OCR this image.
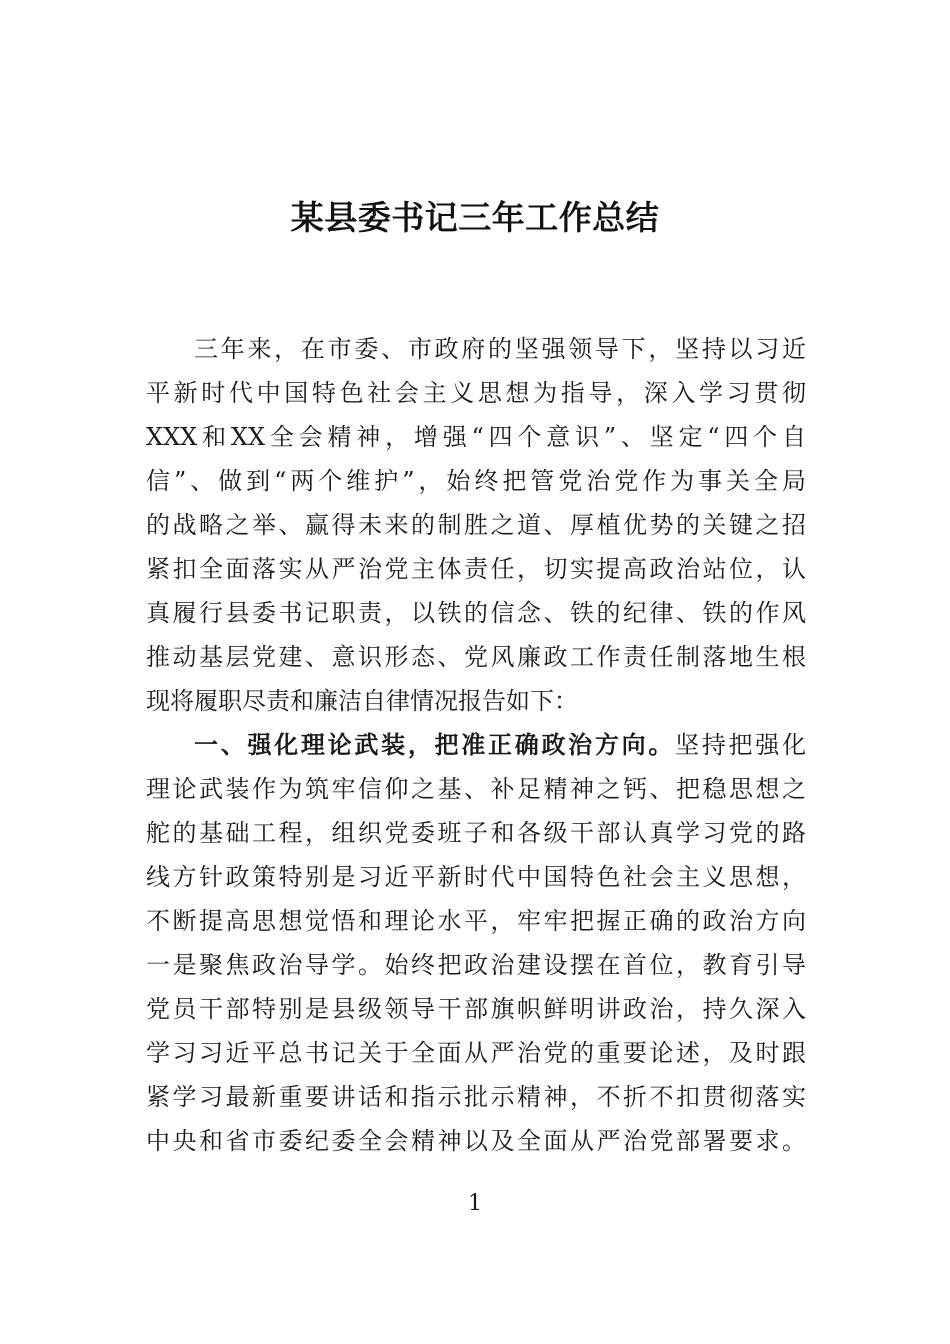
某县委书记三年工作总结
三年来，在市委、市政府的坚强领导下，坚持以习近
平新时代中国特色社会主义思想为指导，深入学习贯彻
XXX和XX全会精神，增强“四个意识”、坚定“四个自
信”、做到“两个维护”，始终把管党治党作为事关全局
的战略之举、赢得未来的制胜之道、厚植优势的关键之招
紧扣全面落实从严治党主体责任，切实提高政治站位，认
真履行县委书记职责，以铁的信念、铁的纪律、铁的作风
推动基层党建、意识形态、党风廉政工作责任制落地生根
现将履职尽责和廉洁自律情况报告如下：
一、强化理论武装，把准正确政治方向。坚持把强化
理论武装作为筑牢信仰之基、补足精神之钙、把稳思想之
舵的基础工程，组织党委班子和各级干部认真学习党的路
线方针政策特别是习近平新时代中国特色社会主义思想，
不断提高思想觉悟和理论水平，牢牢把握正确的政治方向
一是聚焦政治导学。始终把政治建设摆在首位，教育引导
党员干部特别是县级领导干部旗帜鲜明讲政治，持久深入
学习习近平总书记关于全面从严治党的重要论述，及时跟
紧学习最新重要讲话和指示批示精神，不折不扣贯彻落实
中央和省市委纪委全会精神以及全面从严治党部署要求。
1
